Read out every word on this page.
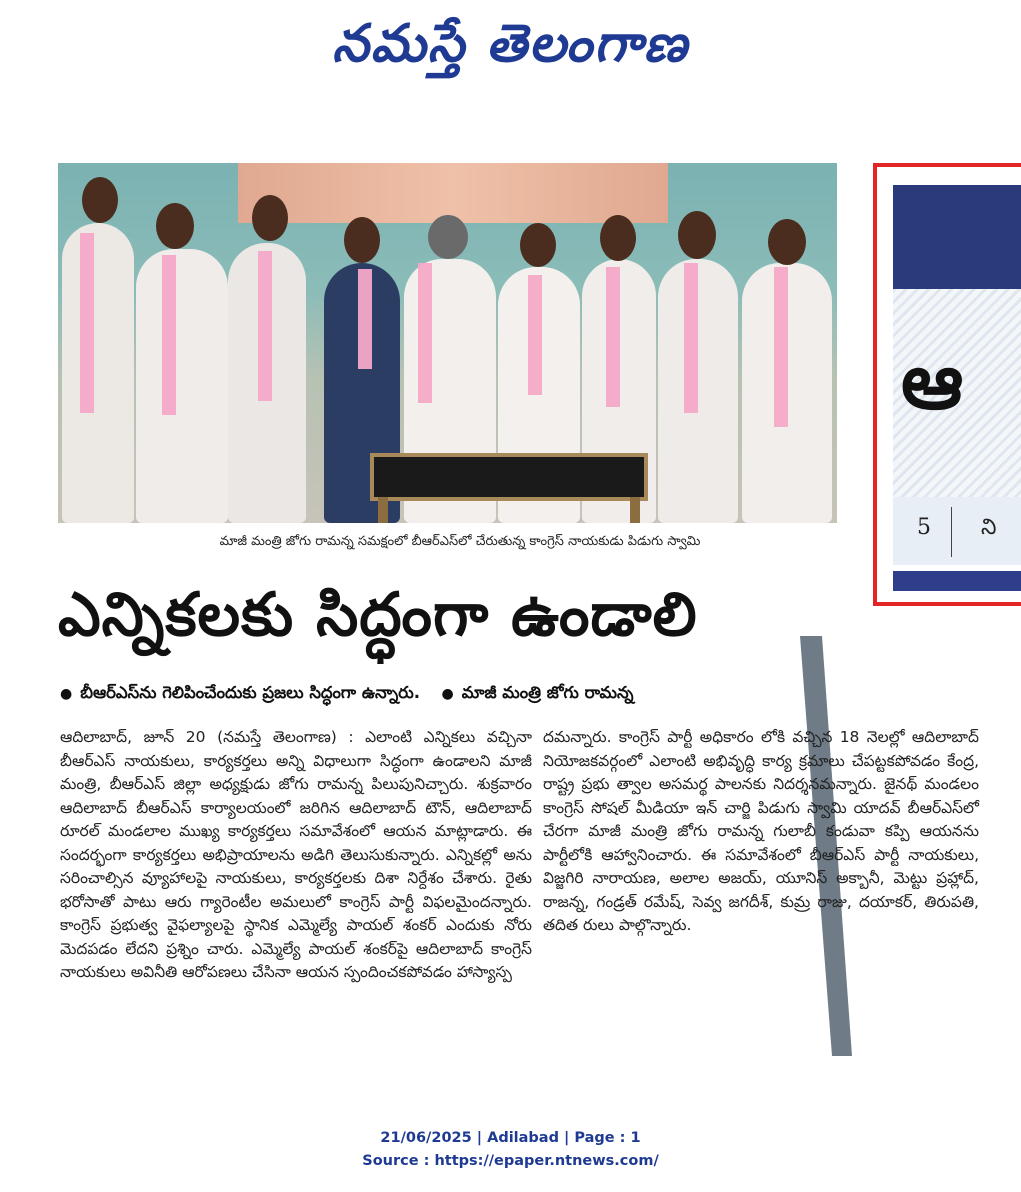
నమస్తే తెలంగాణ
మాజీ మంత్రి జోగు రామన్న సమక్షంలో బీఆర్ఎస్‌లో చేరుతున్న కాంగ్రెస్ నాయకుడు పిడుగు స్వామి
ఆ
5 ని
ఎన్నికలకు సిద్ధంగా ఉండాలి
● బీఆర్ఎస్‌ను గెలిపించేందుకు ప్రజలు సిద్ధంగా ఉన్నారు. ● మాజీ మంత్రి జోగు రామన్న

ఆదిలాబాద్, జూన్ 20 (నమస్తే తెలంగాణ) : ఎలాంటి ఎన్నికలు వచ్చినా బీఆర్ఎస్ నాయకులు, కార్యకర్తలు అన్ని విధాలుగా సిద్ధంగా ఉండాలని మాజీ మంత్రి, బీఆర్ఎస్ జిల్లా అధ్యక్షుడు జోగు రామన్న పిలుపునిచ్చారు. శుక్రవారం ఆదిలాబాద్ బీఆర్ఎస్ కార్యాలయంలో జరిగిన ఆదిలాబాద్ టౌన్, ఆదిలాబాద్ రూరల్ మండలాల ముఖ్య కార్యకర్తలు సమావేశంలో ఆయన మాట్లాడారు. ఈ సందర్భంగా కార్యకర్తలు అభిప్రాయాలను అడిగి తెలుసుకున్నారు. ఎన్నికల్లో అను సరించాల్సిన వ్యూహాలపై నాయకులు, కార్యకర్తలకు దిశా నిర్దేశం చేశారు. రైతు భరోసాతో పాటు ఆరు గ్యారెంటీల అమలులో కాంగ్రెస్ పార్టీ విఫలమైందన్నారు. కాంగ్రెస్ ప్రభుత్వ వైఫల్యాలపై స్థానిక ఎమ్మెల్యే పాయల్ శంకర్ ఎందుకు నోరు మెదపడం లేదని ప్రశ్నిం చారు. ఎమ్మెల్యే పాయల్ శంకర్‌పై ఆదిలాబాద్ కాంగ్రెస్ నాయకులు అవినీతి ఆరోపణలు చేసినా ఆయన స్పందించకపోవడం హాస్యాస్ప

దమన్నారు. కాంగ్రెస్ పార్టీ అధికారం లోకి వచ్చిన 18 నెలల్లో ఆదిలాబాద్ నియోజకవర్గంలో ఎలాంటి అభివృద్ధి కార్య క్రమాలు చేపట్టకపోవడం కేంద్ర, రాష్ట్ర ప్రభు త్వాల అసమర్థ పాలనకు నిదర్శనమన్నారు. జైనథ్ మండలం కాంగ్రెస్ సోషల్ మీడియా ఇన్ చార్జి పిడుగు స్వామి యాదవ్ బీఆర్ఎస్‌లో చేరగా మాజీ మంత్రి జోగు రామన్న గులాబీ కండువా కప్పి ఆయనను పార్టీలోకి ఆహ్వానించారు. ఈ సమావేశంలో బీఆర్ఎస్ పార్టీ నాయకులు, విజ్జగిరి నారాయణ, అలాల అజయ్, యూనిస్ అక్బానీ, మెట్టు ప్రహ్లాద్, రాజన్న, గండ్రత్ రమేష్, సెవ్వ జగదీశ్, కుమ్ర రాజు, దయాకర్, తిరుపతి, తదిత రులు పాల్గొన్నారు.

21/06/2025 | Adilabad | Page : 1
Source : https://epaper.ntnews.com/
